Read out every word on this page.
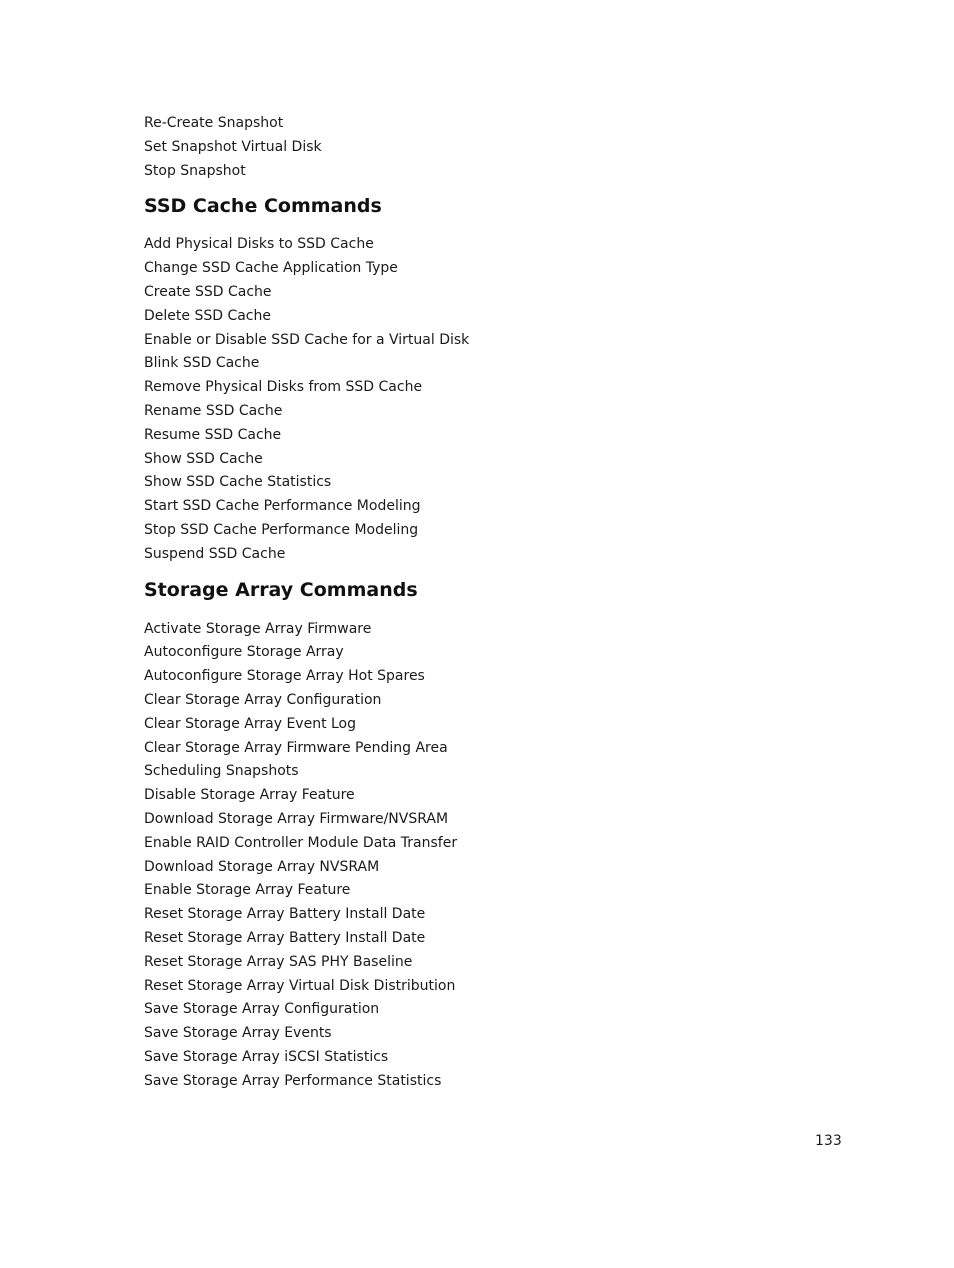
Re-Create Snapshot
Set Snapshot Virtual Disk
Stop Snapshot
SSD Cache Commands
Add Physical Disks to SSD Cache
Change SSD Cache Application Type
Create SSD Cache
Delete SSD Cache
Enable or Disable SSD Cache for a Virtual Disk
Blink SSD Cache
Remove Physical Disks from SSD Cache
Rename SSD Cache
Resume SSD Cache
Show SSD Cache
Show SSD Cache Statistics
Start SSD Cache Performance Modeling
Stop SSD Cache Performance Modeling
Suspend SSD Cache
Storage Array Commands
Activate Storage Array Firmware
Autoconfigure Storage Array
Autoconfigure Storage Array Hot Spares
Clear Storage Array Configuration
Clear Storage Array Event Log
Clear Storage Array Firmware Pending Area
Scheduling Snapshots
Disable Storage Array Feature
Download Storage Array Firmware/NVSRAM
Enable RAID Controller Module Data Transfer
Download Storage Array NVSRAM
Enable Storage Array Feature
Reset Storage Array Battery Install Date
Reset Storage Array Battery Install Date
Reset Storage Array SAS PHY Baseline
Reset Storage Array Virtual Disk Distribution
Save Storage Array Configuration
Save Storage Array Events
Save Storage Array iSCSI Statistics
Save Storage Array Performance Statistics
133
